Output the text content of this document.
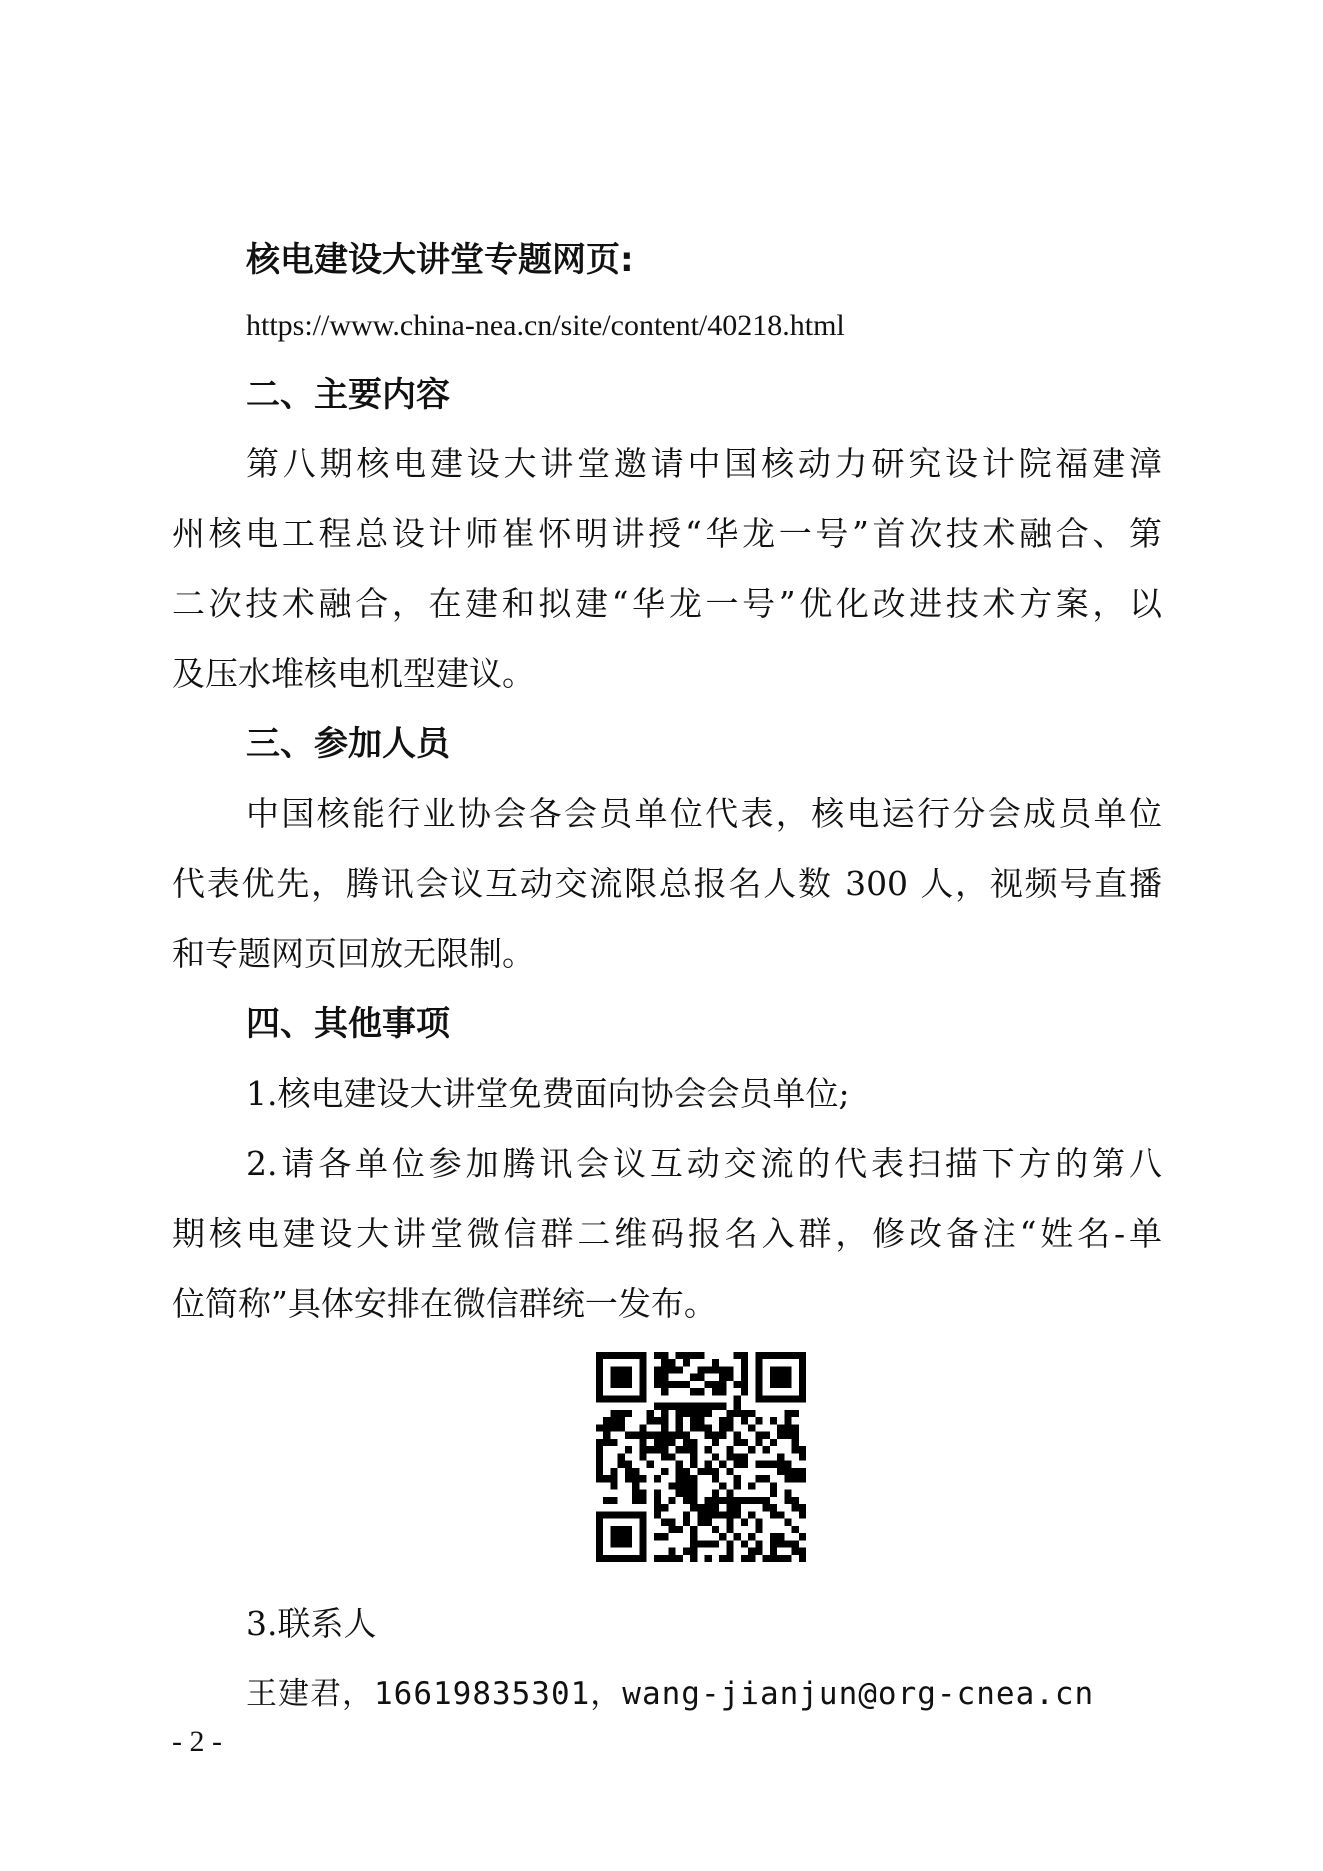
核电建设大讲堂专题网页:
https://www.china-nea.cn/site/content/40218.html
二、主要内容
第八期核电建设大讲堂邀请中国核动力研究设计院福建漳
州核电工程总设计师崔怀明讲授“华龙一号”首次技术融合、第
二次技术融合，在建和拟建“华龙一号”优化改进技术方案，以
及压水堆核电机型建议。
三、参加人员
中国核能行业协会各会员单位代表，核电运行分会成员单位
代表优先，腾讯会议互动交流限总报名人数 300 人，视频号直播
和专题网页回放无限制。
四、其他事项
1.核电建设大讲堂免费面向协会会员单位;
2.请各单位参加腾讯会议互动交流的代表扫描下方的第八
期核电建设大讲堂微信群二维码报名入群，修改备注“姓名-单
位简称”具体安排在微信群统一发布。
3.联系人
王建君，16619835301，wang-jianjun@org-cnea.cn
- 2 -
